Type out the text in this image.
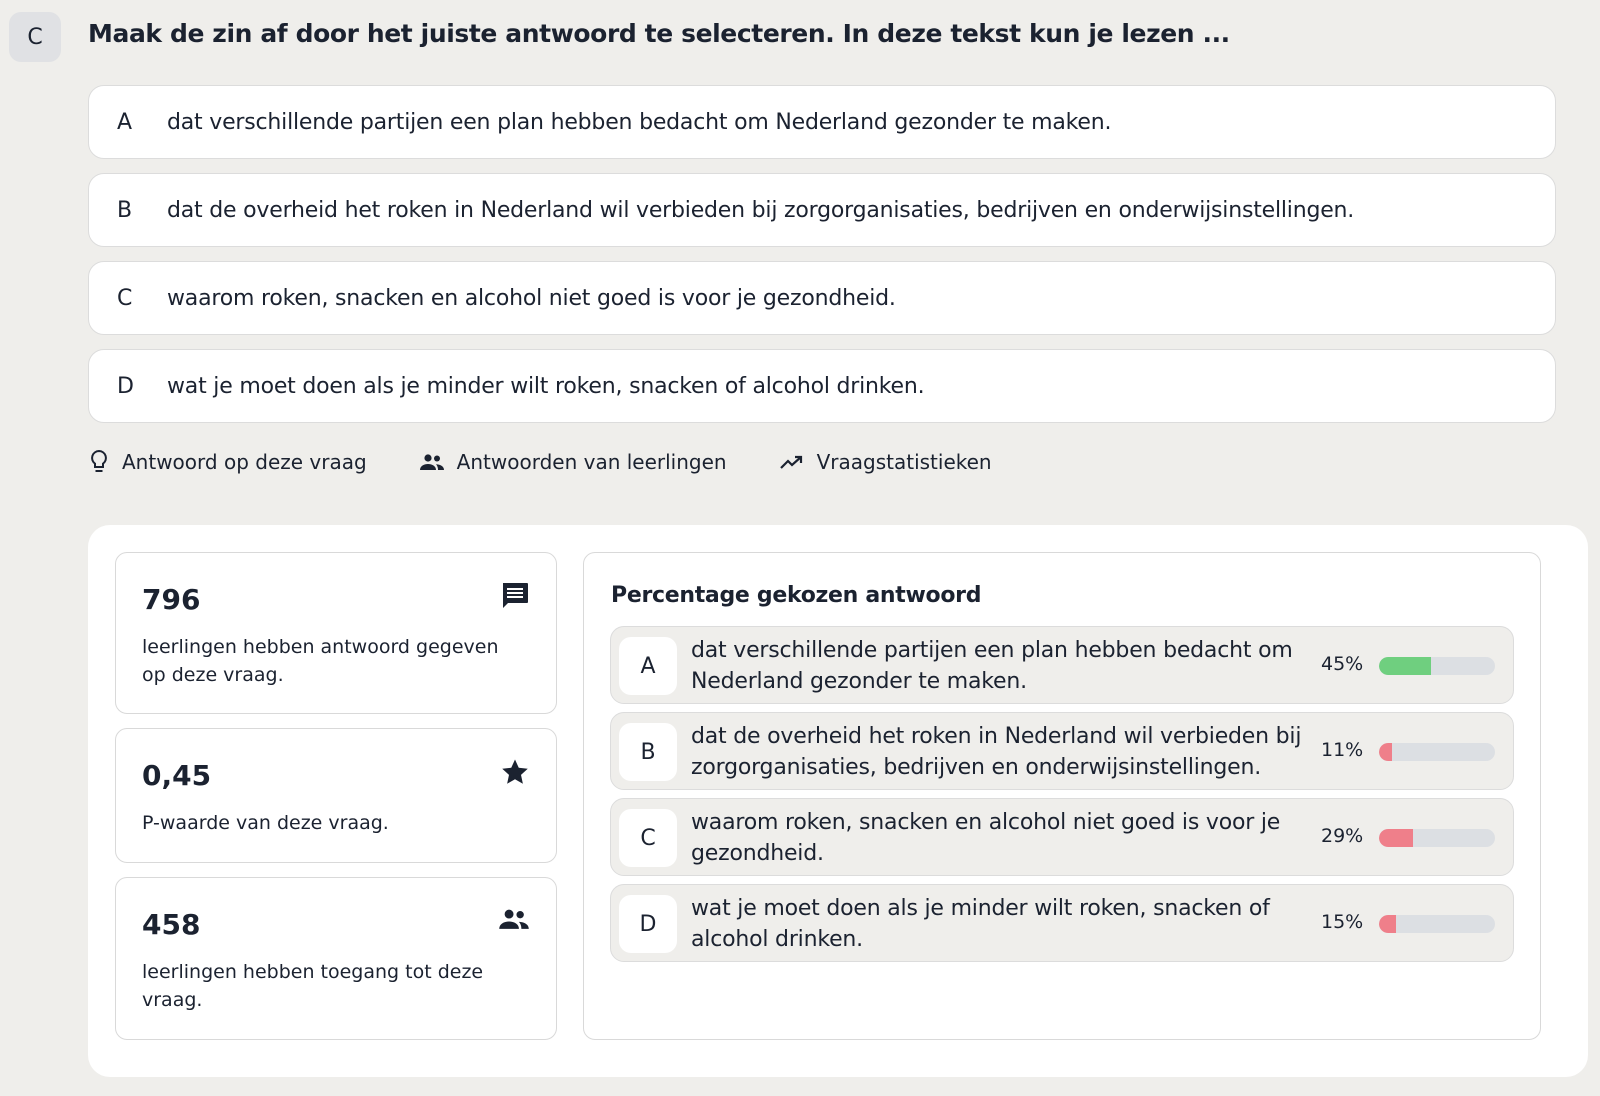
C	Maak de zin af door het juiste antwoord te selecteren. In deze tekst kun je lezen ...
A	dat verschillende partijen een plan hebben bedacht om Nederland gezonder te maken.
B	dat de overheid het roken in Nederland wil verbieden bij zorgorganisaties, bedrijven en onderwijsinstellingen.
C	waarom roken, snacken en alcohol niet goed is voor je gezondheid.
D	wat je moet doen als je minder wilt roken, snacken of alcohol drinken.
Antwoord op deze vraag	Antwoorden van leerlingen	Vraagstatistieken
796
leerlingen hebben antwoord gegeven op deze vraag.
0,45
P-waarde van deze vraag.
458
leerlingen hebben toegang tot deze vraag.
Percentage gekozen antwoord
A
dat verschillende partijen een plan hebben bedacht om Nederland gezonder te maken.
45%
B
dat de overheid het roken in Nederland wil verbieden bij zorgorganisaties, bedrijven en onderwijsinstellingen.
11%
C
waarom roken, snacken en alcohol niet goed is voor je gezondheid.
29%
D
wat je moet doen als je minder wilt roken, snacken of alcohol drinken.
15%
